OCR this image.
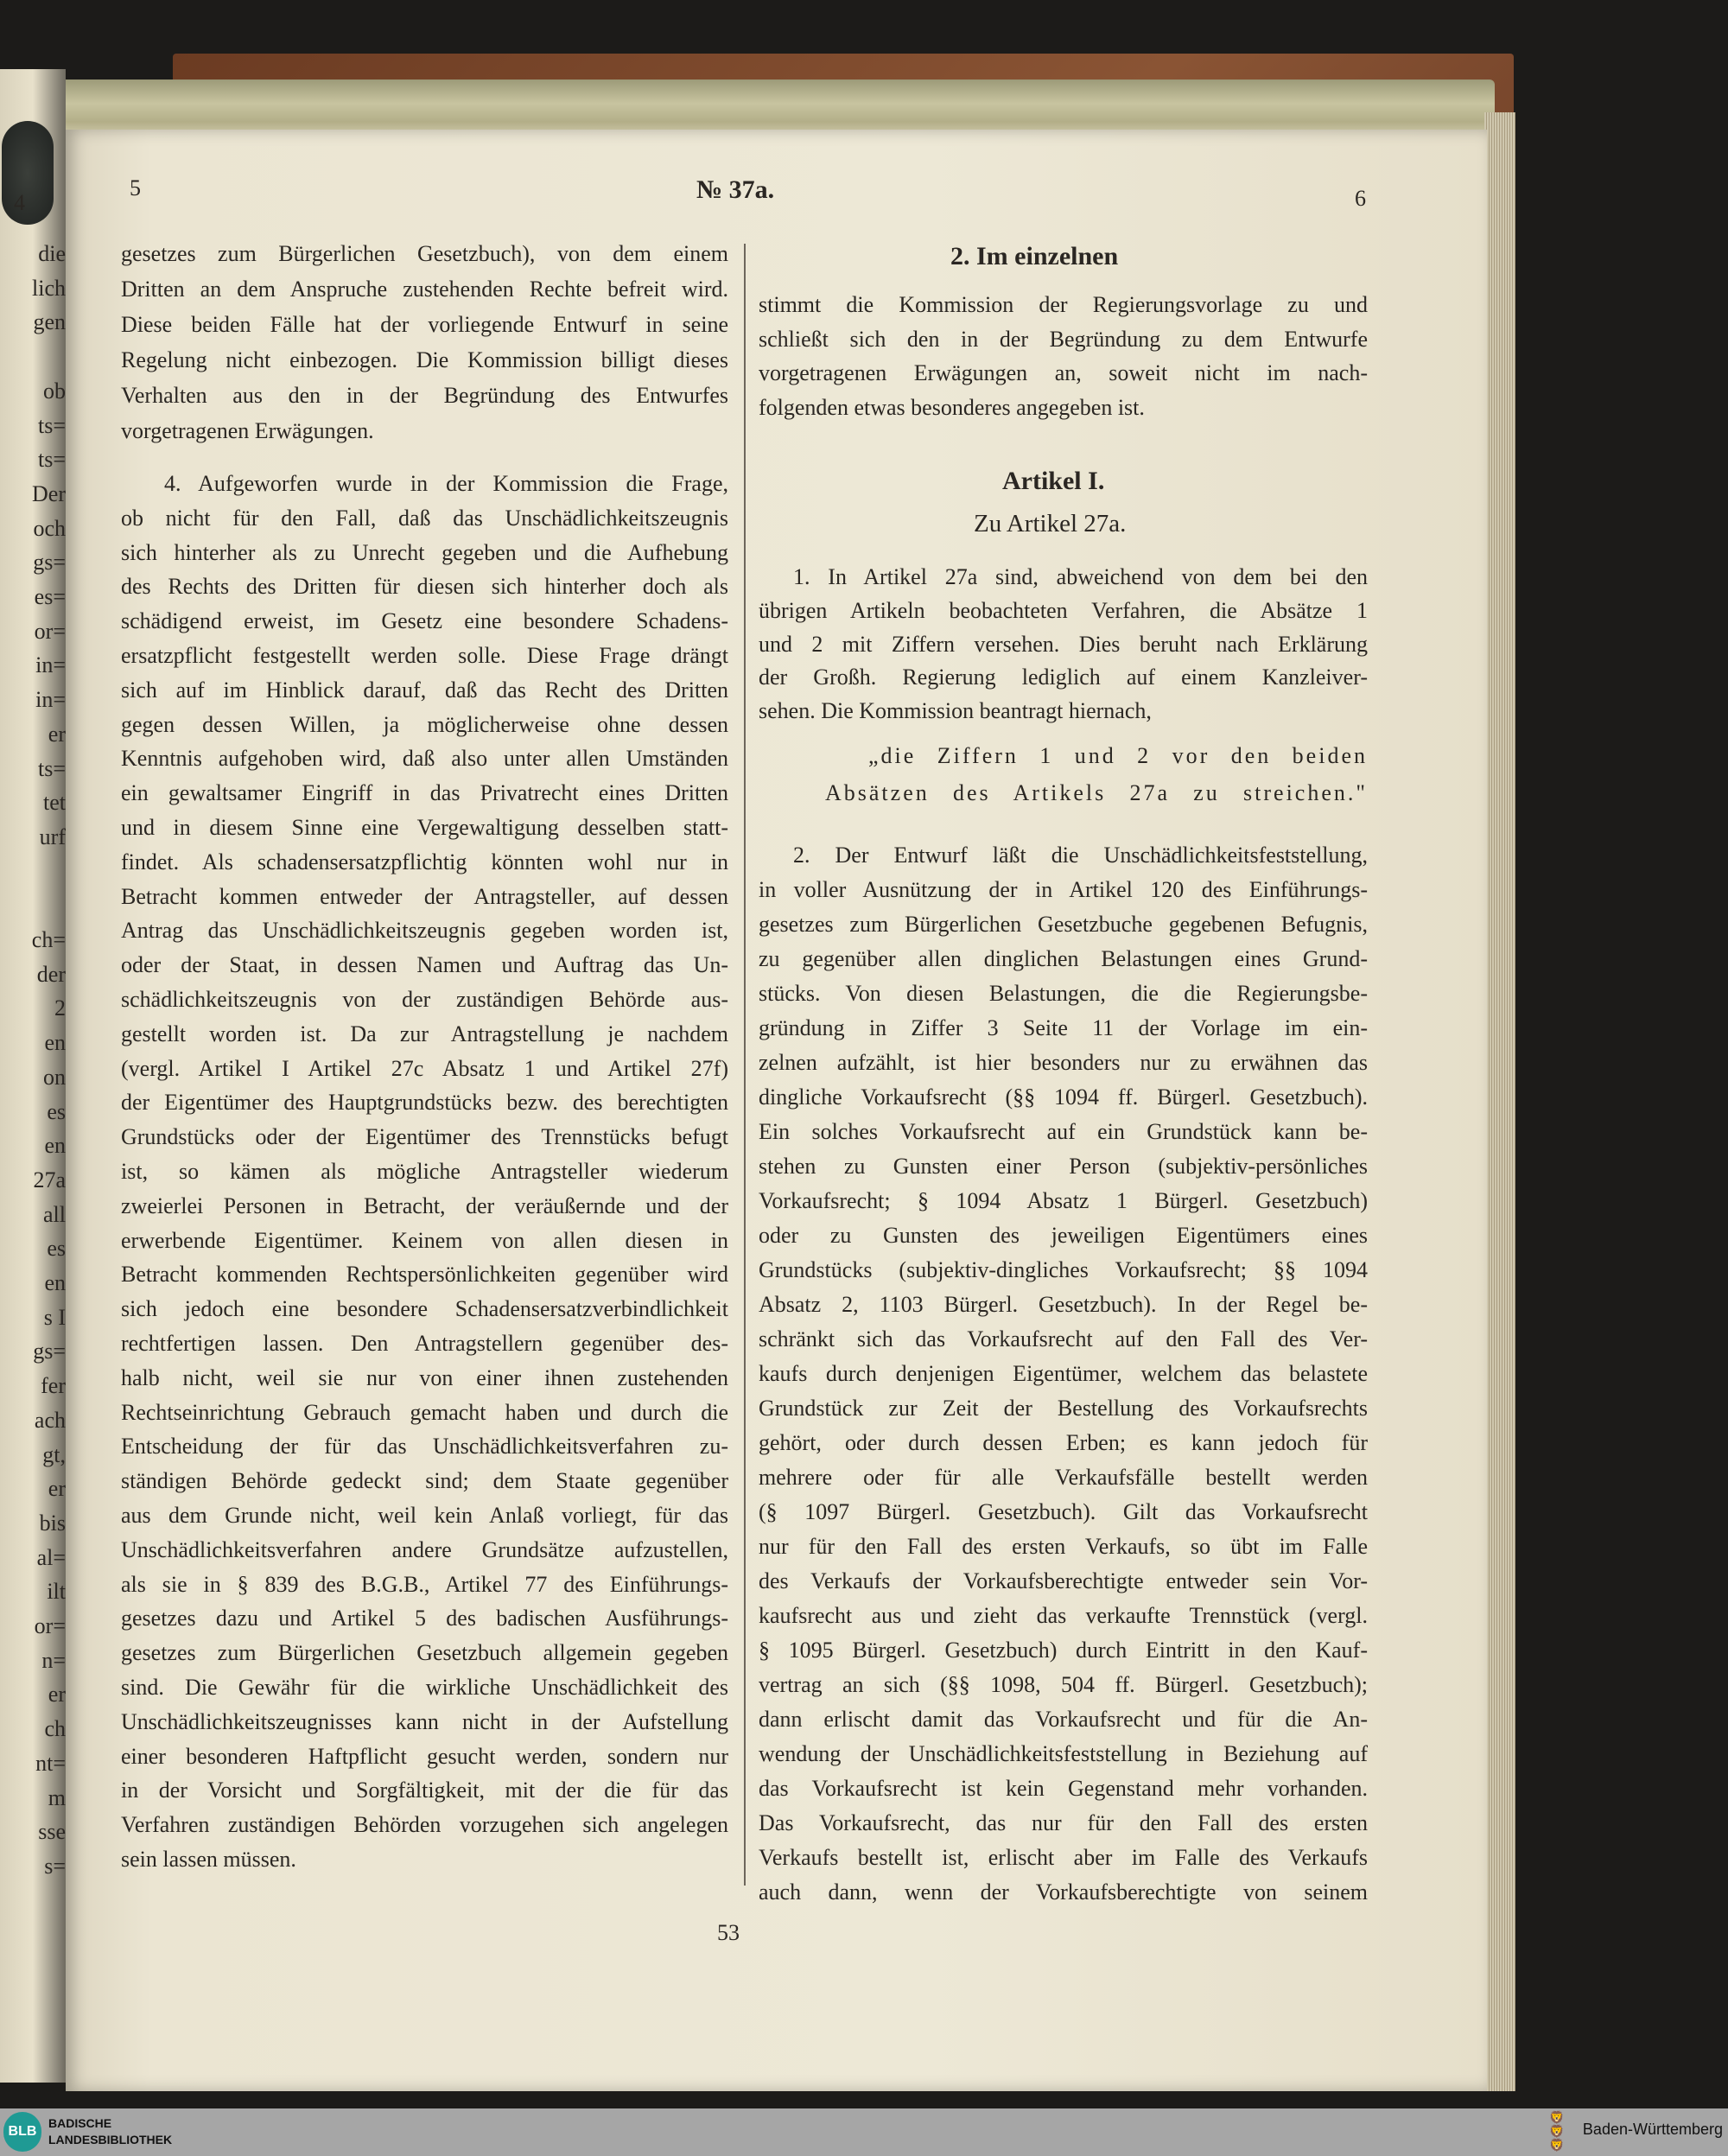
4
die
lich
gen
ob
ts=
ts=
Der
och
gs=
es=
or=
in=
in=
er
ts=
tet
urf
ch=
der
2
en
on
es
en
27a
all
es
en
s I
gs=
fer
ach
gt,
er
bis
al=
ilt
or=
n=
er
ch
nt=
m
sse
s=
5	№ 37a.	6
gesetzes zum Bürgerlichen Gesetzbuch), von dem einem
Dritten an dem Anspruche zustehenden Rechte befreit wird.
Diese beiden Fälle hat der vorliegende Entwurf in seine
Regelung nicht einbezogen. Die Kommission billigt dieses
Verhalten aus den in der Begründung des Entwurfes
vorgetragenen Erwägungen.
4. Aufgeworfen wurde in der Kommission die Frage,
ob nicht für den Fall, daß das Unschädlichkeitszeugnis
sich hinterher als zu Unrecht gegeben und die Aufhebung
des Rechts des Dritten für diesen sich hinterher doch als
schädigend erweist, im Gesetz eine besondere Schadens-
ersatzpflicht festgestellt werden solle. Diese Frage drängt
sich auf im Hinblick darauf, daß das Recht des Dritten
gegen dessen Willen, ja möglicherweise ohne dessen
Kenntnis aufgehoben wird, daß also unter allen Umständen
ein gewaltsamer Eingriff in das Privatrecht eines Dritten
und in diesem Sinne eine Vergewaltigung desselben statt-
findet. Als schadensersatzpflichtig könnten wohl nur in
Betracht kommen entweder der Antragsteller, auf dessen
Antrag das Unschädlichkeitszeugnis gegeben worden ist,
oder der Staat, in dessen Namen und Auftrag das Un-
schädlichkeitszeugnis von der zuständigen Behörde aus-
gestellt worden ist. Da zur Antragstellung je nachdem
(vergl. Artikel I Artikel 27c Absatz 1 und Artikel 27f)
der Eigentümer des Hauptgrundstücks bezw. des berechtigten
Grundstücks oder der Eigentümer des Trennstücks befugt
ist, so kämen als mögliche Antragsteller wiederum
zweierlei Personen in Betracht, der veräußernde und der
erwerbende Eigentümer. Keinem von allen diesen in
Betracht kommenden Rechtspersönlichkeiten gegenüber wird
sich jedoch eine besondere Schadensersatzverbindlichkeit
rechtfertigen lassen. Den Antragstellern gegenüber des-
halb nicht, weil sie nur von einer ihnen zustehenden
Rechtseinrichtung Gebrauch gemacht haben und durch die
Entscheidung der für das Unschädlichkeitsverfahren zu-
ständigen Behörde gedeckt sind; dem Staate gegenüber
aus dem Grunde nicht, weil kein Anlaß vorliegt, für das
Unschädlichkeitsverfahren andere Grundsätze aufzustellen,
als sie in § 839 des B.G.B., Artikel 77 des Einführungs-
gesetzes dazu und Artikel 5 des badischen Ausführungs-
gesetzes zum Bürgerlichen Gesetzbuch allgemein gegeben
sind. Die Gewähr für die wirkliche Unschädlichkeit des
Unschädlichkeitszeugnisses kann nicht in der Aufstellung
einer besonderen Haftpflicht gesucht werden, sondern nur
in der Vorsicht und Sorgfältigkeit, mit der die für das
Verfahren zuständigen Behörden vorzugehen sich angelegen
sein lassen müssen.
2. Im einzelnen
stimmt die Kommission der Regierungsvorlage zu und
schließt sich den in der Begründung zu dem Entwurfe
vorgetragenen Erwägungen an, soweit nicht im nach-
folgenden etwas besonderes angegeben ist.
Artikel I.
Zu Artikel 27a.
1. In Artikel 27a sind, abweichend von dem bei den
übrigen Artikeln beobachteten Verfahren, die Absätze 1
und 2 mit Ziffern versehen. Dies beruht nach Erklärung
der Großh. Regierung lediglich auf einem Kanzleiver-
sehen. Die Kommission beantragt hiernach,
„die Ziffern 1 und 2 vor den beiden
Absätzen des Artikels 27a zu streichen."
2. Der Entwurf läßt die Unschädlichkeitsfeststellung,
in voller Ausnützung der in Artikel 120 des Einführungs-
gesetzes zum Bürgerlichen Gesetzbuche gegebenen Befugnis,
zu gegenüber allen dinglichen Belastungen eines Grund-
stücks. Von diesen Belastungen, die die Regierungsbe-
gründung in Ziffer 3 Seite 11 der Vorlage im ein-
zelnen aufzählt, ist hier besonders nur zu erwähnen das
dingliche Vorkaufsrecht (§§ 1094 ff. Bürgerl. Gesetzbuch).
Ein solches Vorkaufsrecht auf ein Grundstück kann be-
stehen zu Gunsten einer Person (subjektiv-persönliches
Vorkaufsrecht; § 1094 Absatz 1 Bürgerl. Gesetzbuch)
oder zu Gunsten des jeweiligen Eigentümers eines
Grundstücks (subjektiv-dingliches Vorkaufsrecht; §§ 1094
Absatz 2, 1103 Bürgerl. Gesetzbuch). In der Regel be-
schränkt sich das Vorkaufsrecht auf den Fall des Ver-
kaufs durch denjenigen Eigentümer, welchem das belastete
Grundstück zur Zeit der Bestellung des Vorkaufsrechts
gehört, oder durch dessen Erben; es kann jedoch für
mehrere oder für alle Verkaufsfälle bestellt werden
(§ 1097 Bürgerl. Gesetzbuch). Gilt das Vorkaufsrecht
nur für den Fall des ersten Verkaufs, so übt im Falle
des Verkaufs der Vorkaufsberechtigte entweder sein Vor-
kaufsrecht aus und zieht das verkaufte Trennstück (vergl.
§ 1095 Bürgerl. Gesetzbuch) durch Eintritt in den Kauf-
vertrag an sich (§§ 1098, 504 ff. Bürgerl. Gesetzbuch);
dann erlischt damit das Vorkaufsrecht und für die An-
wendung der Unschädlichkeitsfeststellung in Beziehung auf
das Vorkaufsrecht ist kein Gegenstand mehr vorhanden.
Das Vorkaufsrecht, das nur für den Fall des ersten
Verkaufs bestellt ist, erlischt aber im Falle des Verkaufs
auch dann, wenn der Vorkaufsberechtigte von seinem
53
BLB
BADISCHE
LANDESBIBLIOTHEK
🦁
🦁
🦁
Baden-Württemberg
